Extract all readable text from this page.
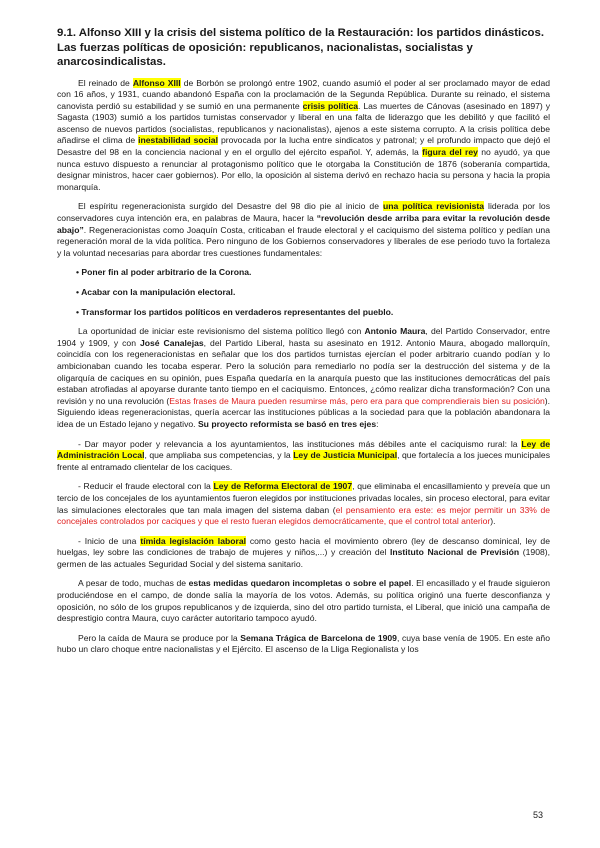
9.1. Alfonso XIII y la crisis del sistema político de la Restauración: los partidos dinásticos. Las fuerzas políticas de oposición: republicanos, nacionalistas, socialistas y anarcosindicalistas.

El reinado de Alfonso XIII de Borbón se prolongó entre 1902, cuando asumió el poder al ser proclamado mayor de edad con 16 años, y 1931, cuando abandonó España con la proclamación de la Segunda República. Durante su reinado, el sistema canovista perdió su estabilidad y se sumió en una permanente crisis política. Las muertes de Cánovas (asesinado en 1897) y Sagasta (1903) sumió a los partidos turnistas conservador y liberal en una falta de liderazgo que les debilitó y que facilitó el ascenso de nuevos partidos (socialistas, republicanos y nacionalistas), ajenos a este sistema corrupto. A la crisis política debe añadirse el clima de inestabilidad social provocada por la lucha entre sindicatos y patronal; y el profundo impacto que dejó el Desastre del 98 en la conciencia nacional y en el orgullo del ejército español. Y, además, la figura del rey no ayudó, ya que nunca estuvo dispuesto a renunciar al protagonismo político que le otorgaba la Constitución de 1876 (soberanía compartida, designar ministros, hacer caer gobiernos). Por ello, la oposición al sistema derivó en rechazo hacia su persona y hacia la propia monarquía.

El espíritu regeneracionista surgido del Desastre del 98 dio pie al inicio de una política revisionista liderada por los conservadores cuya intención era, en palabras de Maura, hacer la “revolución desde arriba para evitar la revolución desde abajo”. Regeneracionistas como Joaquín Costa, criticaban el fraude electoral y el caciquismo del sistema político y pedían una regeneración moral de la vida política. Pero ninguno de los Gobiernos conservadores y liberales de ese periodo tuvo la fortaleza y la voluntad necesarias para abordar tres cuestiones fundamentales:

• Poner fin al poder arbitrario de la Corona.
• Acabar con la manipulación electoral.
• Transformar los partidos políticos en verdaderos representantes del pueblo.

La oportunidad de iniciar este revisionismo del sistema político llegó con Antonio Maura, del Partido Conservador, entre 1904 y 1909, y con José Canalejas, del Partido Liberal, hasta su asesinato en 1912. Antonio Maura, abogado mallorquín, coincidía con los regeneracionistas en señalar que los dos partidos turnistas ejercían el poder arbitrario cuando podían y lo ambicionaban cuando les tocaba esperar. Pero la solución para remediarlo no podía ser la destrucción del sistema y de la oligarquía de caciques en su opinión, pues España quedaría en la anarquía puesto que las instituciones democráticas del país estaban atrofiadas al apoyarse durante tanto tiempo en el caciquismo. Entonces, ¿cómo realizar dicha transformación? Con una revisión y no una revolución (Estas frases de Maura pueden resumirse más, pero era para que comprendierais bien su posición). Siguiendo ideas regeneracionistas, quería acercar las instituciones públicas a la sociedad para que la población abandonara la idea de un Estado lejano y negativo. Su proyecto reformista se basó en tres ejes:

- Dar mayor poder y relevancia a los ayuntamientos, las instituciones más débiles ante el caciquismo rural: la Ley de Administración Local, que ampliaba sus competencias, y la Ley de Justicia Municipal, que fortalecía a los jueces municipales frente al entramado clientelar de los caciques.

- Reducir el fraude electoral con la Ley de Reforma Electoral de 1907, que eliminaba el encasillamiento y preveía que un tercio de los concejales de los ayuntamientos fueron elegidos por instituciones privadas locales, sin proceso electoral, para evitar las simulaciones electorales que tan mala imagen del sistema daban (el pensamiento era este: es mejor permitir un 33% de concejales controlados por caciques y que el resto fueran elegidos democráticamente, que el control total anterior).

- Inicio de una tímida legislación laboral como gesto hacia el movimiento obrero (ley de descanso dominical, ley de huelgas, ley sobre las condiciones de trabajo de mujeres y niños,...) y creación del Instituto Nacional de Previsión (1908), germen de las actuales Seguridad Social y del sistema sanitario.

A pesar de todo, muchas de estas medidas quedaron incompletas o sobre el papel. El encasillado y el fraude siguieron produciéndose en el campo, de donde salía la mayoría de los votos. Además, su política originó una fuerte desconfianza y oposición, no sólo de los grupos republicanos y de izquierda, sino del otro partido turnista, el Liberal, que inició una campaña de desprestigio contra Maura, cuyo carácter autoritario tampoco ayudó.

Pero la caída de Maura se produce por la Semana Trágica de Barcelona de 1909, cuya base venía de 1905. En este año hubo un claro choque entre nacionalistas y el Ejército. El ascenso de la Lliga Regionalista y los

53
